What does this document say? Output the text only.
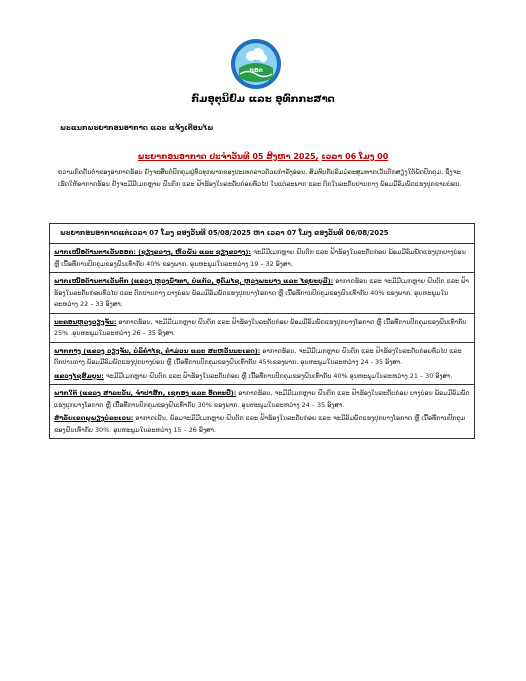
ກອຄ
ກົມອຸຕຸນິຍົມ ແລະ ອຸທົກກະສາດ
ພະແນກພະຍາກອນອາກາດ ແລະ ແຈ້ງເຕືອນໄພ
ພະຍາກອນອາກາດ ປະຈຳວັນທີ 05 ສິງຫາ 2025, ເວລາ 06 ໂມງ 00
ຄວາມກົດດັນຕ່ຳຂອງອາກາດຮ້ອນ ຍັງຈະສືບຕໍ່ປົກຄຸມຢູ່ທົ່ວທຸກພາກຂອງປະເທດລາວດ້ວຍກຳລັງອ່ອນ. ສົມທົບກັບລົມມໍລະສຸມທາດເວັນຕົກສຽງໃຕ້ພັດປົກຄຸມ, ຊຶ່ງຈະເຮັດໃຫ້ອາກາດຮ້ອນ ຍັງຈະມີມີເມກຫຼາຍ ຝົນຕົກ ແລະ ຟ້າຮ້ອງໃນລະດັບກ່ອຍທົ່ວໄປ ໃນແຕ່ລະພາກ ແລະ ຕົກໃນລະດັບປານກາງ ພ້ອມມີລົມພັດແຮງປຸກຂາຍບ່ອນ.
ພະຍາກອນອາກາດແຕ່ເວລາ 07 ໂມງ ຂອງວັນທີ 05/08/2025 ຫາ ເວລາ 07 ໂມງ ຂອງວັນທີ 06/08/2025
ພາກເໜືອດ້ານຕາເວັນອອກ: (ຊຽງຂວາງ, ຫົວພັນ ແລະ ຊຽງຂວາງ): ຈະມີມີເມກຫຼາຍ ຝົນຕົກ ແລະ ຟ້າຮ້ອງໃນລະດັບກ່ອຍ ພ້ອມມີລົມພັດແຮງປຸກບາງບ່ອນ ຫຼື ເນື້ອທີ່ການປົກຄຸມຂອງຝົນເທົ່າກັບ 40% ຂອງພາກ. ອຸນຫະພູມໃນລະຫວ່າງ 19 – 32 ອົງສາ.
ພາກເໜືອດ້ານຕາເວັນຕົກ (ແຂວງ ຫຼວງນ້ຳທາ, ບໍ່ແກ້ວ, ອຸດົມໄຊ, ຫຼວງພະບາງ ແລະ ໄຊຍະບູລີ): ອາກາດຮ້ອນ ແລະ ຈະມີມີເມກຫຼາຍ ຝົນຕົກ ແລະ ຟ້າຮ້ອງໃນລະດັບກ່ອຍທົ່ວໄປ ແລະ ຕົກປານກາງ ບາງບ່ອນ ພ້ອມມີລົມພັດແຮງປຸກບາງໂອກາດ ຫຼື ເນື້ອທີ່ການປົກຄຸມຂອງຝົນເທົ່າກັບ 40% ຂອງພາກ. ອຸນຫະພູມໃນລະຫວ່າງ 22 – 33 ອົງສາ.
ນະຄອນຫຼວງວຽງຈັນ: ອາກາດຮ້ອນ, ຈະມີມີເມກຫຼາຍ ຝົນຕົກ ແລະ ຟ້າຮ້ອງໃນລະດັບກ່ອຍ ພ້ອມມີລົມພັດແຮງປຸກບາງໂອກາດ ຫຼື ເນື້ອທີ່ການປົກຄຸມຂອງຝົນເທົ່າກັບ 25% .ອຸນຫະພູມໃນລະຫວ່າງ 26 – 35 ອົງສາ.
ພາກກາງ (ແຂວງ ວຽງຈັນ, ບໍລິຄຳໄຊ, ຄຳມ່ວນ ແລະ ສະຫວັນນະເຂດ): ອາກາດຮ້ອນ, ຈະມີມີເມກຫຼາຍ ຝົນຕົກ ແລະ ຟ້າຮ້ອງໃນລະດັບກ່ອຍທົ່ວໄປ ແລະ ຕົກປານກາງ ພ້ອມມີລົມພັດແຮງປຸກບາງບ່ອນ ຫຼື ເນື້ອທີ່ການປົກຄຸມຂອງຝົນເທົ່າກັບ 45%ຂອງພາກ. ອຸນຫະພູມໃນລະຫວ່າງ 24 - 35 ອົງສາ.
ແຂວງໄຊສົມບູນ: ຈະມີມີເມກຫຼາຍ ຝົນຕົກ ແລະ ຟ້າຮ້ອງໃນລະດັບກ່ອຍ ຫຼື ເນື້ອທີ່ການປົກຄຸມຂອງຝົນເທົ່າກັບ 40% ອຸນຫະພູມໃນລະຫວ່າງ 21 – 30 ອົງສາ.
ພາກໃຕ້ (ແຂວງ ສາລະວັນ, ຈຳປາສັກ, ເຊກອງ ແລະ ອັດຕະປື): ອາກາດຮ້ອນ, ຈະມີມີເມກຫຼາຍ ຝົນຕົກ ແລະ ຟ້າຮ້ອງໃນລະດັບກ່ອຍ ບາງບ່ອນ ພ້ອມມີລົມພັດແຮງປຸກບາງໂອກາດ ຫຼື ເນື້ອທີ່ການປົກຄຸມຂອງຝົນເທົ່າກັບ 30% ຂອງພາກ. ອຸນຫະພູມໃນລະຫວ່າງ 24 – 35 ອົງສາ.
ສຳລັບເຂດພູພຽງບໍລະເວນ: ອາກາດເຢັນ, ພ້ອມຈະມີມີເມກຫຼາຍ ຝົນຕົກ ແລະ ຟ້າຮ້ອງໃນລະດັບກ່ອຍ ແລະ ຈະມີລົມພັດແຮງປຸກບາງໂອກາດ ຫຼື ເນື້ອທີ່ການປົກຄຸມຂອງຝົນເທົ່າກັບ 30%. ອຸນຫະພູມໃນລະຫວ່າງ 15 – 26 ອົງສາ.
